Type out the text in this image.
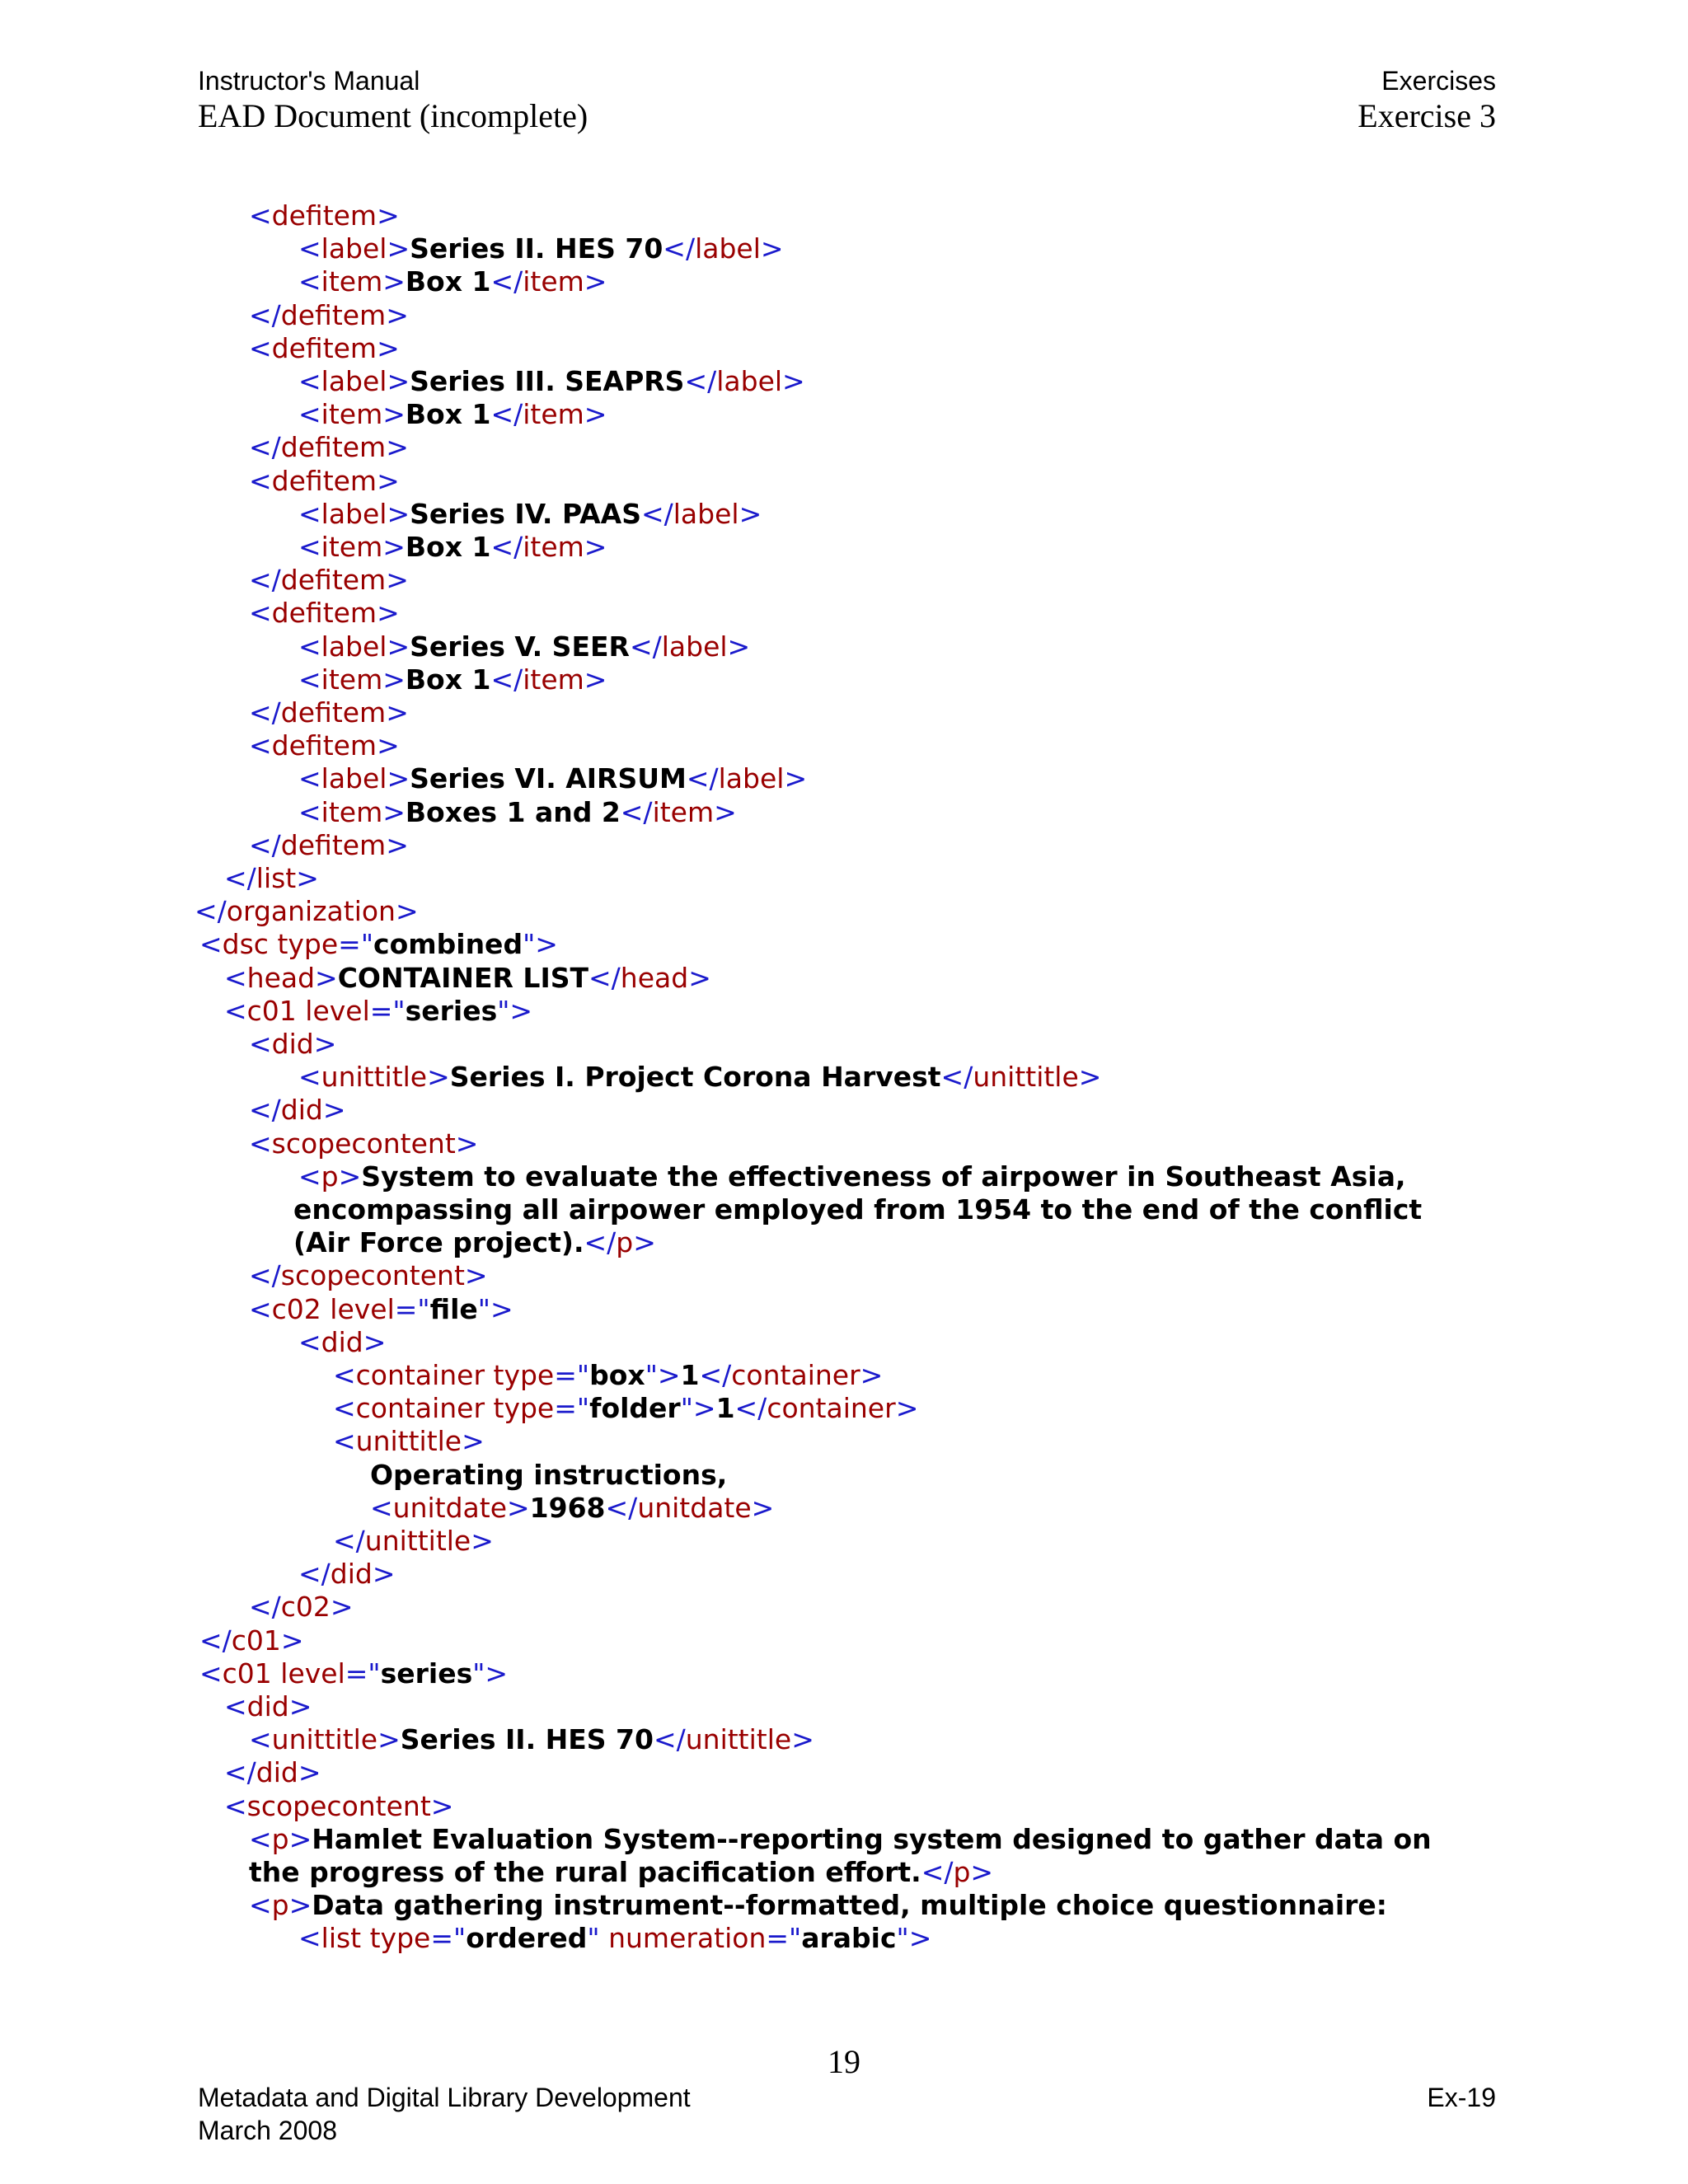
Instructor's Manual	Exercises
EAD Document (incomplete)	Exercise 3
<defitem>
<label>Series II. HES 70</label>
<item>Box 1</item>
</defitem>
<defitem>
<label>Series III. SEAPRS</label>
<item>Box 1</item>
</defitem>
<defitem>
<label>Series IV. PAAS</label>
<item>Box 1</item>
</defitem>
<defitem>
<label>Series V. SEER</label>
<item>Box 1</item>
</defitem>
<defitem>
<label>Series VI. AIRSUM</label>
<item>Boxes 1 and 2</item>
</defitem>
</list>
</organization>
<dsc type="combined">
<head>CONTAINER LIST</head>
<c01 level="series">
<did>
<unittitle>Series I. Project Corona Harvest</unittitle>
</did>
<scopecontent>
<p>System to evaluate the effectiveness of airpower in Southeast Asia,
encompassing all airpower employed from 1954 to the end of the conflict
(Air Force project).</p>
</scopecontent>
<c02 level="file">
<did>
<container type="box">1</container>
<container type="folder">1</container>
<unittitle>
Operating instructions,
<unitdate>1968</unitdate>
</unittitle>
</did>
</c02>
</c01>
<c01 level="series">
<did>
<unittitle>Series II. HES 70</unittitle>
</did>
<scopecontent>
<p>Hamlet Evaluation System--reporting system designed to gather data on
the progress of the rural pacification effort.</p>
<p>Data gathering instrument--formatted, multiple choice questionnaire:
<list type="ordered" numeration="arabic">
19
Metadata and Digital Library Development	Ex-19
March 2008
